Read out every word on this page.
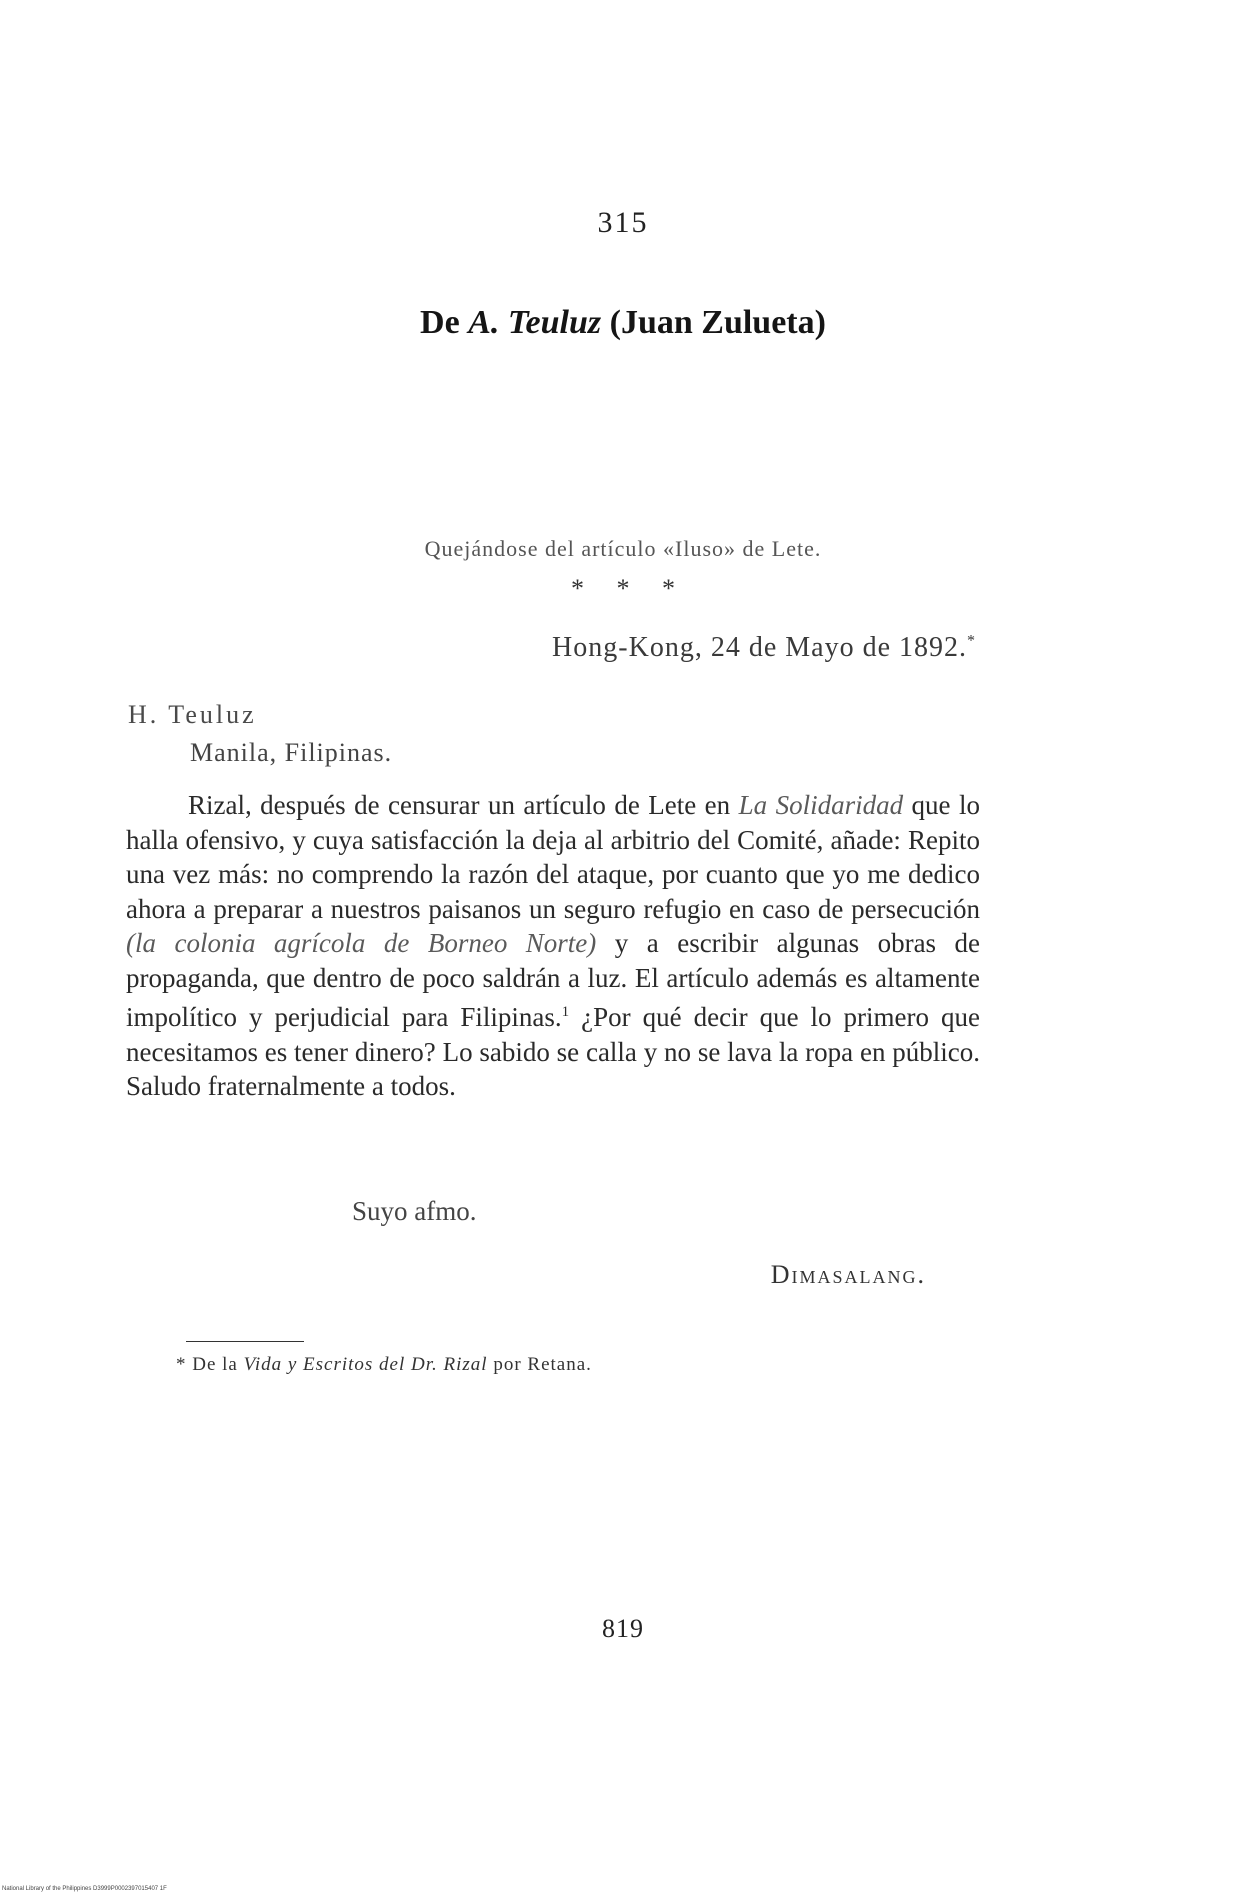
315
De A. Teuluz (Juan Zulueta)
Quejándose del artículo «Iluso» de Lete.
* * *
Hong-Kong, 24 de Mayo de 1892.*
H. Teuluz
Manila, Filipinas.
Rizal, después de censurar un artículo de Lete en La Solidaridad que lo halla ofensivo, y cuya satisfacción la deja al arbitrio del Comité, añade: Repito una vez más: no comprendo la razón del ataque, por cuanto que yo me dedico ahora a preparar a nuestros paisanos un seguro refugio en caso de persecución (la colonia agrícola de Borneo Norte) y a escribir algunas obras de propaganda, que dentro de poco saldrán a luz. El artículo además es altamente impolítico y perjudicial para Filipinas.$^1$ ¿Por qué decir que lo primero que necesitamos es tener dinero? Lo sabido se calla y no se lava la ropa en público. Saludo fraternalmente a todos.
Suyo afmo.
Dimasalang.
* De la Vida y Escritos del Dr. Rizal por Retana.
819
National Library of the Philippines D3999P0002397015407 1F
